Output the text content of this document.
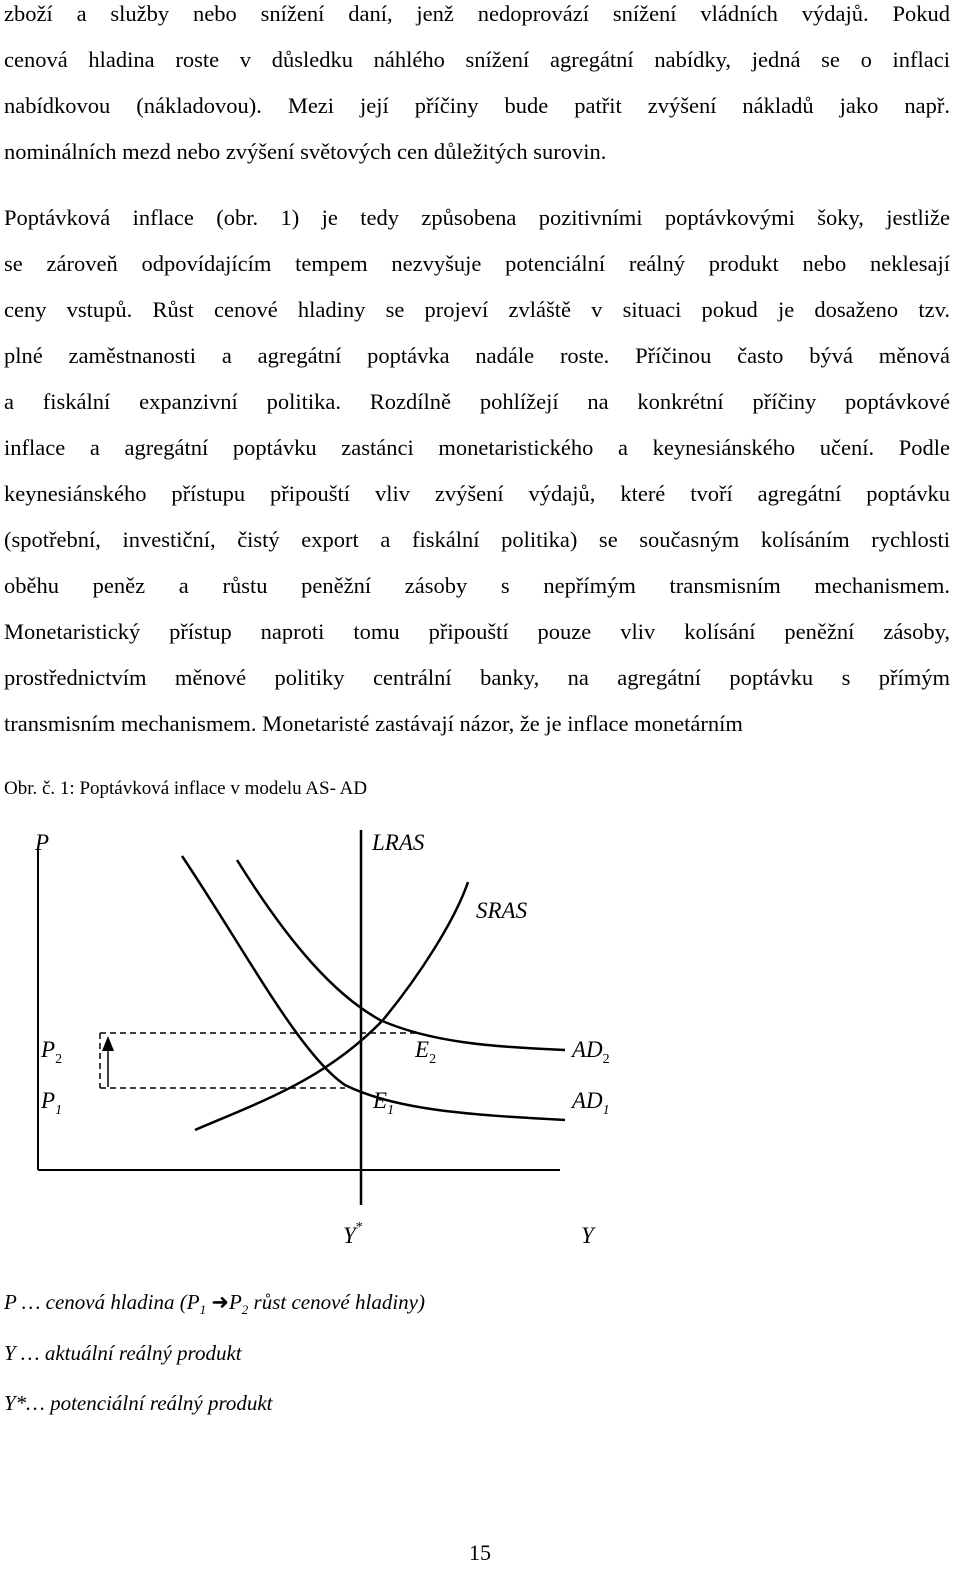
zboží a služby nebo snížení daní, jenž nedoprovází snížení vládních výdajů. Pokud
cenová hladina roste v důsledku náhlého snížení agregátní nabídky, jedná se o inflaci
nabídkovou (nákladovou). Mezi její příčiny bude patřit zvýšení nákladů jako např.
nominálních mezd nebo zvýšení světových cen důležitých surovin.
Poptávková inflace (obr. 1) je tedy způsobena pozitivními poptávkovými šoky, jestliže
se zároveň odpovídajícím tempem nezvyšuje potenciální reálný produkt nebo neklesají
ceny vstupů. Růst cenové hladiny se projeví zvláště v situaci pokud je dosaženo tzv.
plné zaměstnanosti a agregátní poptávka nadále roste. Příčinou často bývá měnová
a fiskální expanzivní politika. Rozdílně pohlížejí na konkrétní příčiny poptávkové
inflace a agregátní poptávku zastánci monetaristického a keynesiánského učení. Podle
keynesiánského přístupu připouští vliv zvýšení výdajů, které tvoří agregátní poptávku
(spotřební, investiční, čistý export a fiskální politika) se současným kolísáním rychlosti
oběhu peněz a růstu peněžní zásoby s nepřímým transmisním mechanismem.
Monetaristický přístup naproti tomu připouští pouze vliv kolísání peněžní zásoby,
prostřednictvím měnové politiky centrální banky, na agregátní poptávku s přímým
transmisním mechanismem. Monetaristé zastávají názor, že je inflace monetárním
Obr. č. 1: Poptávková inflace v modelu AS- AD
P	LRAS
SRAS
$P_2$
$P_1$
$E_2$
$E_1$
$AD_2$
$AD_1$
Y*	Y
P … cenová hladina ($P_1$ $➜P_2$ růst cenové hladiny)
Y … aktuální reálný produkt
Y*… potenciální reálný produkt
15
